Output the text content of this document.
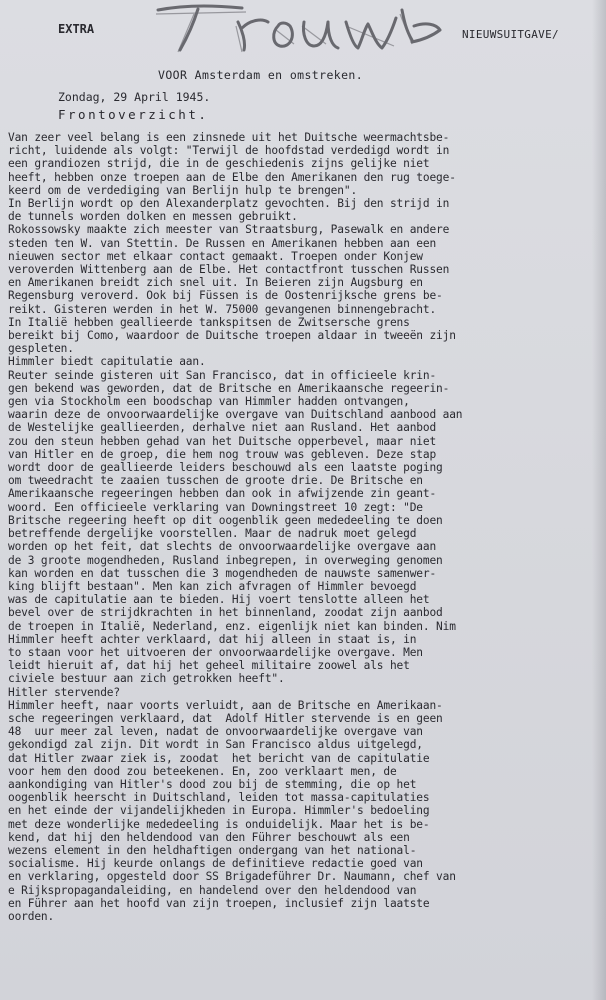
EXTRA	NIEUWSUITGAVE/
VOOR Amsterdam en omstreken.
Zondag, 29 April 1945.
Frontoverzicht.
Van zeer veel belang is een zinsnede uit het Duitsche weermachtsbe-
richt, luidende als volgt: "Terwijl de hoofdstad verdedigd wordt in
een grandiozen strijd, die in de geschiedenis zijns gelijke niet
heeft, hebben onze troepen aan de Elbe den Amerikanen den rug toege-
keerd om de verdediging van Berlijn hulp te brengen".
In Berlijn wordt op den Alexanderplatz gevochten. Bij den strijd in
de tunnels worden dolken en messen gebruikt.
Rokossowsky maakte zich meester van Straatsburg, Pasewalk en andere
steden ten W. van Stettin. De Russen en Amerikanen hebben aan een
nieuwen sector met elkaar contact gemaakt. Troepen onder Konjew
veroverden Wittenberg aan de Elbe. Het contactfront tusschen Russen
en Amerikanen breidt zich snel uit. In Beieren zijn Augsburg en
Regensburg veroverd. Ook bij Füssen is de Oostenrijksche grens be-
reikt. Gisteren werden in het W. 75000 gevangenen binnengebracht.
In Italië hebben geallieerde tankspitsen de Zwitsersche grens
bereikt bij Como, waardoor de Duitsche troepen aldaar in tweeën zijn
gespleten.
Himmler biedt capitulatie aan.
Reuter seinde gisteren uit San Francisco, dat in officieele krin-
gen bekend was geworden, dat de Britsche en Amerikaansche regeerin-
gen via Stockholm een boodschap van Himmler hadden ontvangen,
waarin deze de onvoorwaardelijke overgave van Duitschland aanbood aan
de Westelijke geallieerden, derhalve niet aan Rusland. Het aanbod
zou den steun hebben gehad van het Duitsche opperbevel, maar niet
van Hitler en de groep, die hem nog trouw was gebleven. Deze stap
wordt door de geallieerde leiders beschouwd als een laatste poging
om tweedracht te zaaien tusschen de groote drie. De Britsche en
Amerikaansche regeeringen hebben dan ook in afwijzende zin geant-
woord. Een officieele verklaring van Downingstreet 10 zegt: "De
Britsche regeering heeft op dit oogenblik geen mededeeling te doen
betreffende dergelijke voorstellen. Maar de nadruk moet gelegd
worden op het feit, dat slechts de onvoorwaardelijke overgave aan
de 3 groote mogendheden, Rusland inbegrepen, in overweging genomen
kan worden en dat tusschen die 3 mogendheden de nauwste samenwer-
king blijft bestaan". Men kan zich afvragen of Himmler bevoegd
was de capitulatie aan te bieden. Hij voert tenslotte alleen het
bevel over de strijdkrachten in het binnenland, zoodat zijn aanbod
de troepen in Italië, Nederland, enz. eigenlijk niet kan binden. Nim
Himmler heeft achter verklaard, dat hij alleen in staat is, in
to staan voor het uitvoeren der onvoorwaardelijke overgave. Men
leidt hieruit af, dat hij het geheel militaire zoowel als het
civiele bestuur aan zich getrokken heeft".
Hitler stervende?
Himmler heeft, naar voorts verluidt, aan de Britsche en Amerikaan-
sche regeeringen verklaard, dat  Adolf Hitler stervende is en geen
48  uur meer zal leven, nadat de onvoorwaardelijke overgave van
gekondigd zal zijn. Dit wordt in San Francisco aldus uitgelegd,
dat Hitler zwaar ziek is, zoodat  het bericht van de capitulatie
voor hem den dood zou beteekenen. En, zoo verklaart men, de
aankondiging van Hitler's dood zou bij de stemming, die op het
oogenblik heerscht in Duitschland, leiden tot massa-capitulaties
en het einde der vijandelijkheden in Europa. Himmler's bedoeling
met deze wonderlijke mededeeling is onduidelijk. Maar het is be-
kend, dat hij den heldendood van den Führer beschouwt als een
wezens element in den heldhaftigen ondergang van het national-
socialisme. Hij keurde onlangs de definitieve redactie goed van
en verklaring, opgesteld door SS Brigadeführer Dr. Naumann, chef van
e Rijkspropagandaleiding, en handelend over den heldendood van
en Führer aan het hoofd van zijn troepen, inclusief zijn laatste
oorden.
